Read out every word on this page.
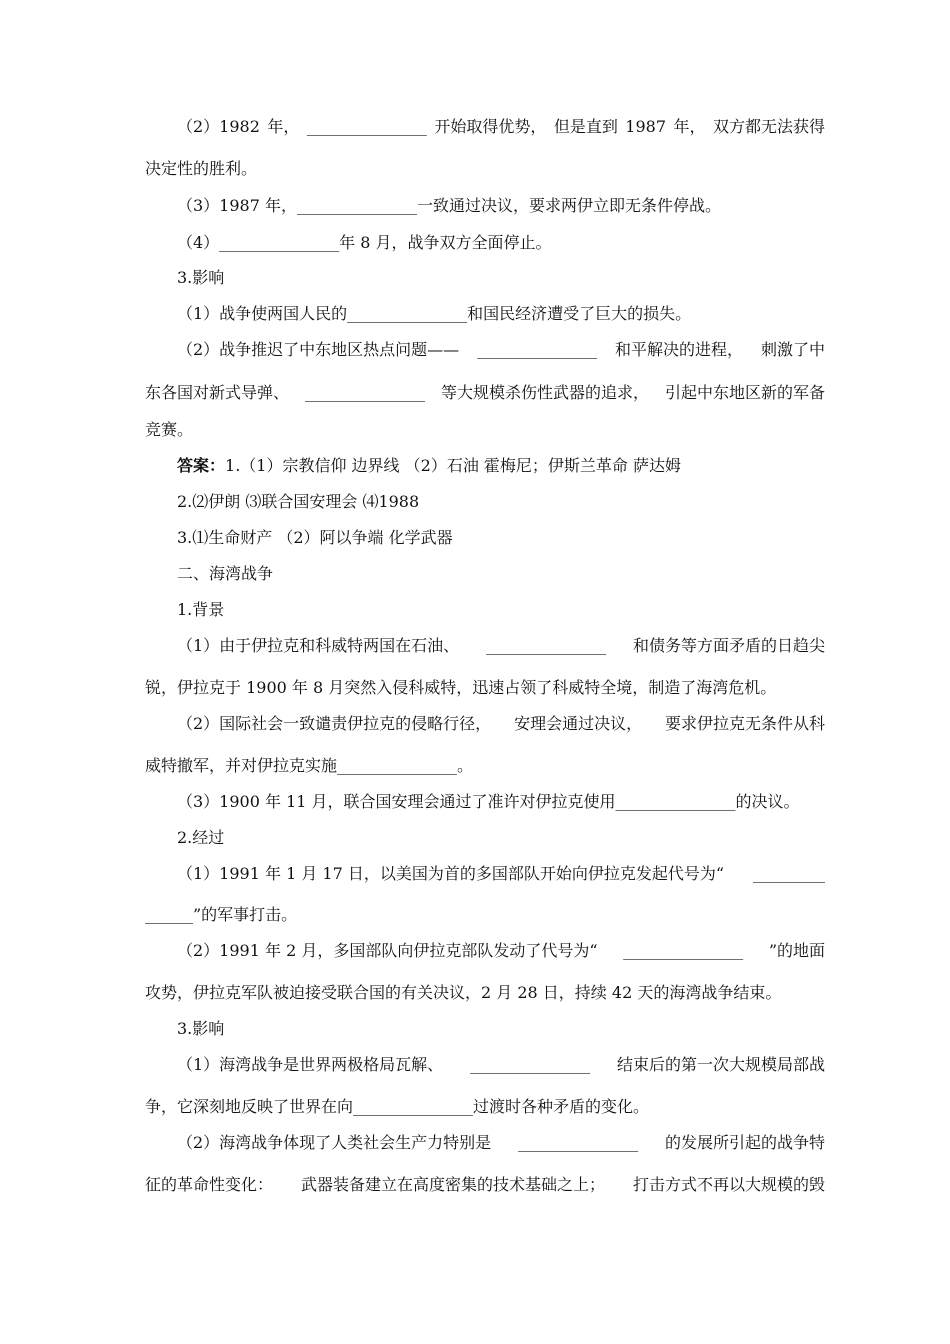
（2）1982 年， _______________ 开始取得优势， 但是直到 1987 年， 双方都无法获得
决定性的胜利。
（3）1987 年，_______________一致通过决议，要求两伊立即无条件停战。
（4）_______________年 8 月，战争双方全面停止。
3.影响
（1）战争使两国人民的_______________和国民经济遭受了巨大的损失。
（2）战争推迟了中东地区热点问题—— _______________ 和平解决的进程， 刺激了中
东各国对新式导弹、 _______________ 等大规模杀伤性武器的追求， 引起中东地区新的军备
竞赛。
答案：1.（1）宗教信仰 边界线 （2）石油 霍梅尼；伊斯兰革命 萨达姆
2.⑵伊朗 ⑶联合国安理会 ⑷1988
3.⑴生命财产 （2）阿以争端 化学武器
二、海湾战争
1.背景
（1）由于伊拉克和科威特两国在石油、 _______________ 和债务等方面矛盾的日趋尖
锐，伊拉克于 1900 年 8 月突然入侵科威特，迅速占领了科威特全境，制造了海湾危机。
（2）国际社会一致谴责伊拉克的侵略行径， 安理会通过决议， 要求伊拉克无条件从科
威特撤军，并对伊拉克实施_______________。
（3）1900 年 11 月，联合国安理会通过了准许对伊拉克使用_______________的决议。
2.经过
（1）1991 年 1 月 17 日，以美国为首的多国部队开始向伊拉克发起代号为“ _________
______”的军事打击。
（2）1991 年 2 月，多国部队向伊拉克部队发动了代号为“ _______________ ”的地面
攻势，伊拉克军队被迫接受联合国的有关决议，2 月 28 日，持续 42 天的海湾战争结束。
3.影响
（1）海湾战争是世界两极格局瓦解、 _______________ 结束后的第一次大规模局部战
争，它深刻地反映了世界在向_______________过渡时各种矛盾的变化。
（2）海湾战争体现了人类社会生产力特别是 _______________ 的发展所引起的战争特
征的革命性变化： 武器装备建立在高度密集的技术基础之上； 打击方式不再以大规模的毁
